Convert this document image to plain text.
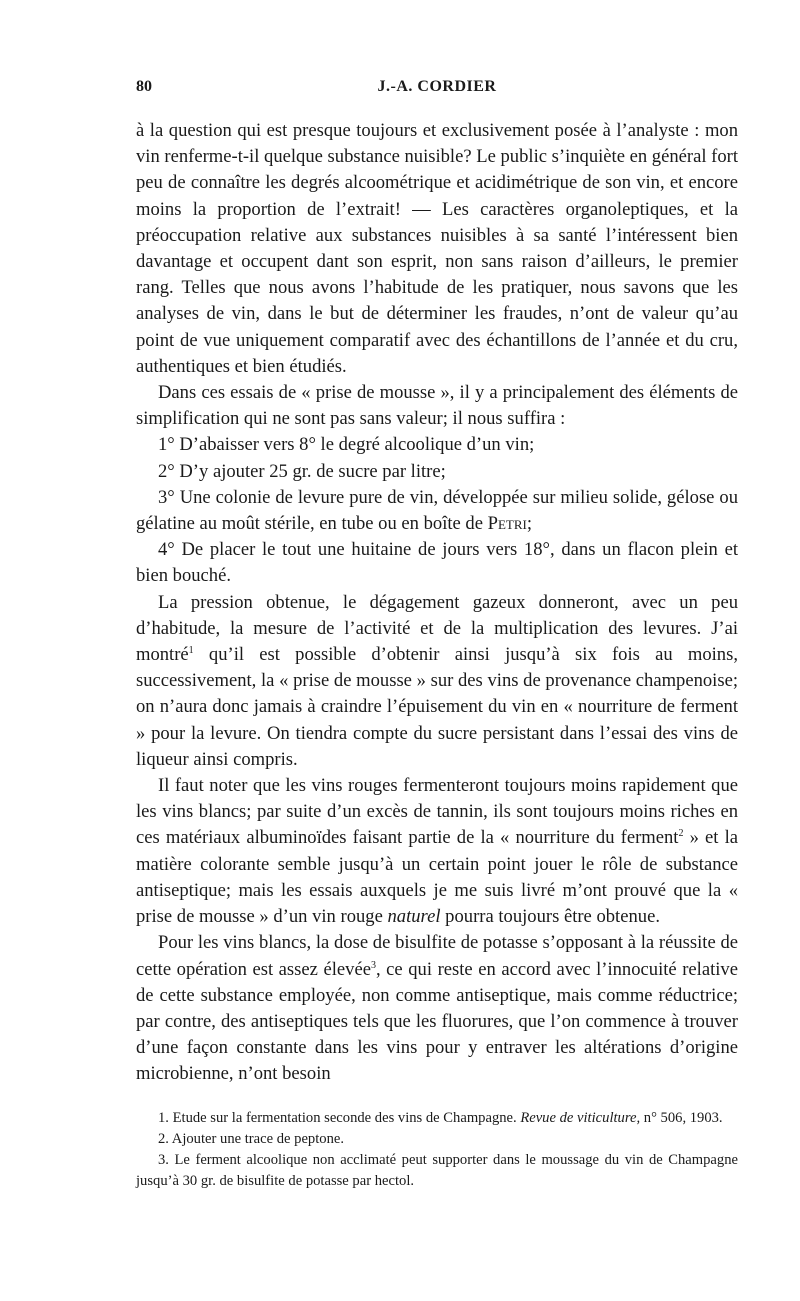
80	J.-A. CORDIER

à la question qui est presque toujours et exclusivement posée à l’analyste : mon vin renferme-t-il quelque substance nuisible? Le public s’inquiète en général fort peu de connaître les degrés alcoométrique et acidimétrique de son vin, et encore moins la proportion de l’extrait! — Les caractères organoleptiques, et la préoccupation relative aux substances nuisibles à sa santé l’intéressent bien davantage et occupent dant son esprit, non sans raison d’ailleurs, le premier rang. Telles que nous avons l’habitude de les pratiquer, nous savons que les analyses de vin, dans le but de déterminer les fraudes, n’ont de valeur qu’au point de vue uniquement comparatif avec des échantillons de l’année et du cru, authentiques et bien étudiés.

Dans ces essais de « prise de mousse », il y a principalement des éléments de simplification qui ne sont pas sans valeur; il nous suffira :

1° D’abaisser vers 8° le degré alcoolique d’un vin;

2° D’y ajouter 25 gr. de sucre par litre;

3° Une colonie de levure pure de vin, développée sur milieu solide, gélose ou gélatine au moût stérile, en tube ou en boîte de Petri;

4° De placer le tout une huitaine de jours vers 18°, dans un flacon plein et bien bouché.

La pression obtenue, le dégagement gazeux donneront, avec un peu d’habitude, la mesure de l’activité et de la multiplication des levures. J’ai montré$^1$ qu’il est possible d’obtenir ainsi jusqu’à six fois au moins, successivement, la « prise de mousse » sur des vins de provenance champenoise; on n’aura donc jamais à craindre l’épuisement du vin en « nourriture de ferment » pour la levure. On tiendra compte du sucre persistant dans l’essai des vins de liqueur ainsi compris.

Il faut noter que les vins rouges fermenteront toujours moins rapidement que les vins blancs; par suite d’un excès de tannin, ils sont toujours moins riches en ces matériaux albuminoïdes faisant partie de la « nourriture du ferment$^2$ » et la matière colorante semble jusqu’à un certain point jouer le rôle de substance antiseptique; mais les essais auxquels je me suis livré m’ont prouvé que la « prise de mousse » d’un vin rouge naturel pourra toujours être obtenue.

Pour les vins blancs, la dose de bisulfite de potasse s’opposant à la réussite de cette opération est assez élevée$^3$, ce qui reste en accord avec l’innocuité relative de cette substance employée, non comme antiseptique, mais comme réductrice; par contre, des antiseptiques tels que les fluorures, que l’on commence à trouver d’une façon constante dans les vins pour y entraver les altérations d’origine microbienne, n’ont besoin

1. Etude sur la fermentation seconde des vins de Champagne. Revue de viticulture, n° 506, 1903.

2. Ajouter une trace de peptone.

3. Le ferment alcoolique non acclimaté peut supporter dans le moussage du vin de Champagne jusqu’à 30 gr. de bisulfite de potasse par hectol.
